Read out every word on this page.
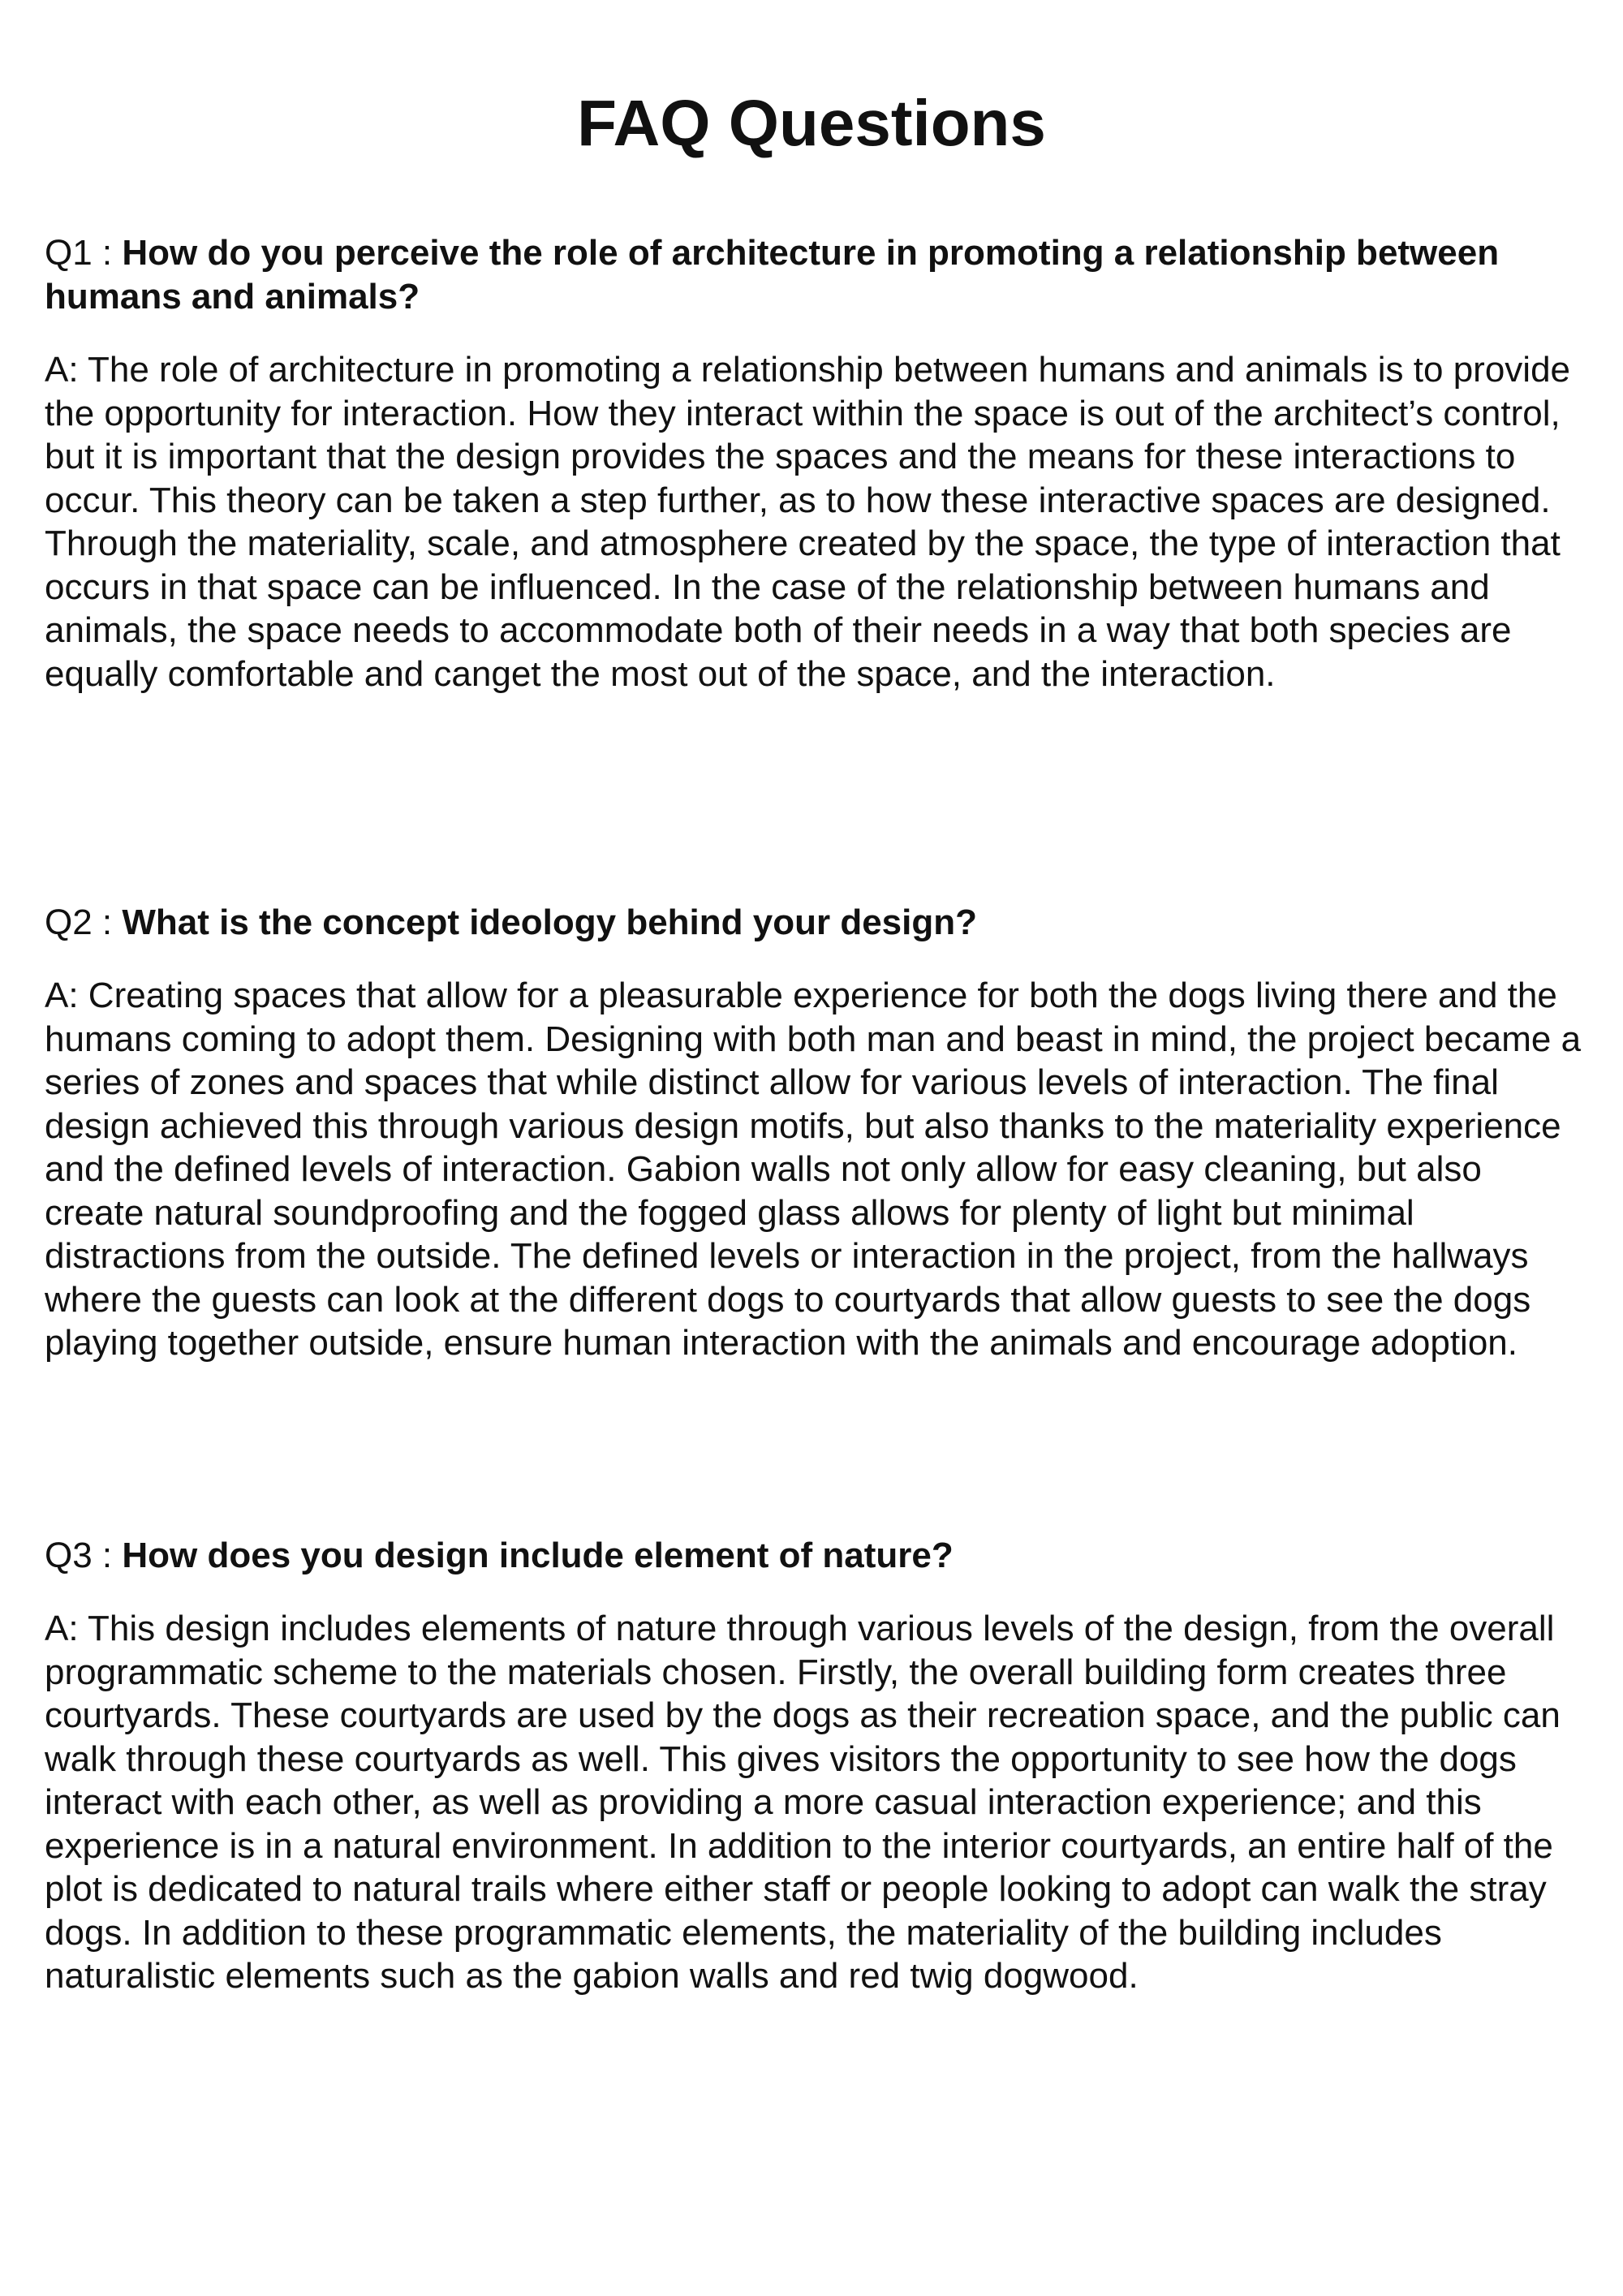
FAQ Questions

Q1 : How do you perceive the role of architecture in promoting a relationship between humans and animals?

A: The role of architecture in promoting a relationship between humans and animals is to provide the opportunity for interaction. How they interact within the space is out of the architect’s control, but it is important that the design provides the spaces and the means for these interactions to occur. This theory can be taken a step further, as to how these interactive spaces are designed. Through the materiality, scale, and atmosphere created by the space, the type of interaction that occurs in that space can be influenced. In the case of the relationship between humans and animals, the space needs to accommodate both of their needs in a way that both species are equally comfortable and canget the most out of the space, and the interaction.

Q2 : What is the concept ideology behind your design?

A: Creating spaces that allow for a pleasurable experience for both the dogs living there and the humans coming to adopt them. Designing with both man and beast in mind, the project became a series of zones and spaces that while distinct allow for various levels of interaction. The final design achieved this through various design motifs, but also thanks to the materiality experience and the defined levels of interaction. Gabion walls not only allow for easy cleaning, but also create natural soundproofing and the fogged glass allows for plenty of light but minimal distractions from the outside. The defined levels or interaction in the project, from the hallways where the guests can look at the different dogs to courtyards that allow guests to see the dogs playing together outside, ensure human interaction with the animals and encourage adoption.

Q3 : How does you design include element of nature?

A: This design includes elements of nature through various levels of the design, from the overall programmatic scheme to the materials chosen. Firstly, the overall building form creates three courtyards. These courtyards are used by the dogs as their recreation space, and the public can walk through these courtyards as well. This gives visitors the opportunity to see how the dogs interact with each other, as well as providing a more casual interaction experience; and this experience is in a natural environment. In addition to the interior courtyards, an entire half of the plot is dedicated to natural trails where either staff or people looking to adopt can walk the stray dogs. In addition to these programmatic elements, the materiality of the building includes naturalistic elements such as the gabion walls and red twig dogwood.
